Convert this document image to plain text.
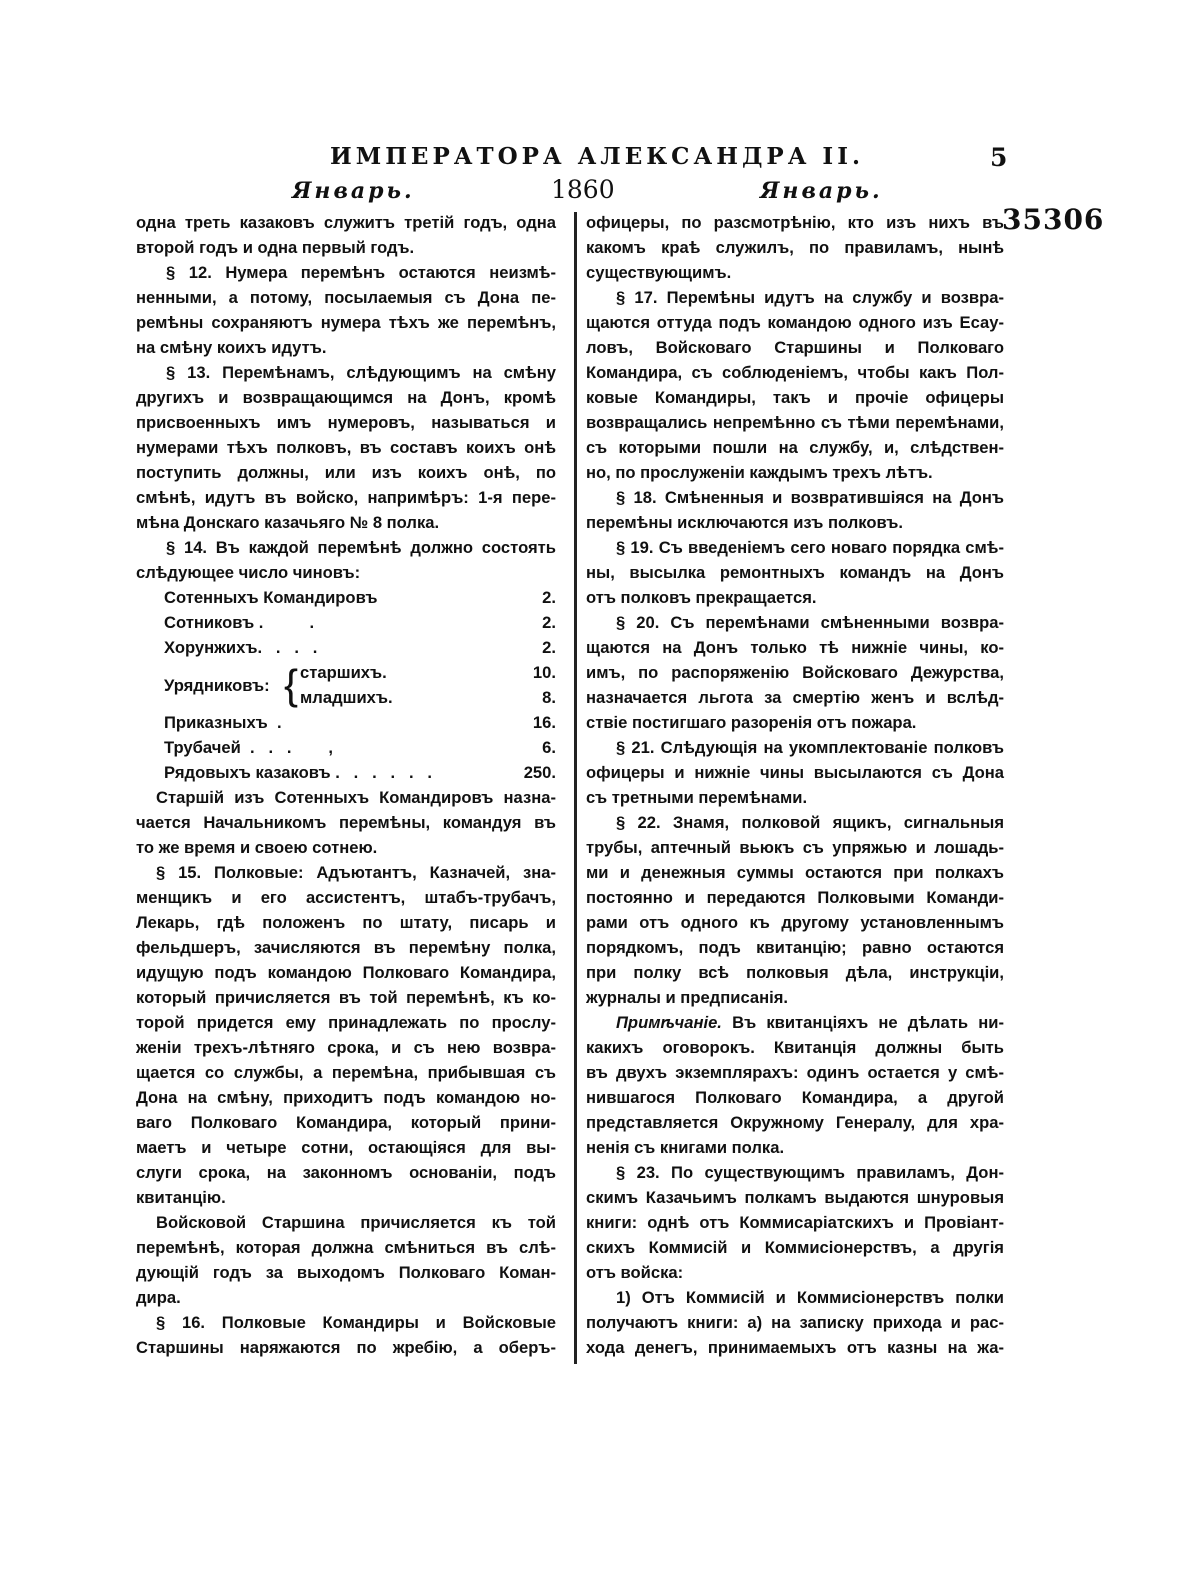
ИМПЕРАТОРА АЛЕКСАНДРА II.	5
Январь.	1860	Январь.
35306
одна треть казаковъ служитъ третій годъ, одна
второй годъ и одна первый годъ.
§ 12. Нумера перемѣнъ остаются неизмѣ-
ненными, а потому, посылаемыя съ Дона пе-
ремѣны сохраняютъ нумера тѣхъ же перемѣнъ,
на смѣну коихъ идутъ.
§ 13. Перемѣнамъ, слѣдующимъ на смѣну
другихъ и возвращающимся на Донъ, кромѣ
присвоенныхъ имъ нумеровъ, называться и
нумерами тѣхъ полковъ, въ составъ коихъ онѣ
поступить должны, или изъ коихъ онѣ, по
смѣнѣ, идутъ въ войско, напримѣръ: 1-я пере-
мѣна Донскаго казачьяго № 8 полка.
§ 14. Въ каждой перемѣнѣ должно состоять
слѣдующее число чиновъ:
Сотенныхъ Командировъ	2.
Сотниковъ .          .	2.
Хорунжихъ.   .   .   .	2.
Урядниковъ: { старшихъ.	10.
младшихъ.	8.
Приказныхъ  .	16.
Трубачей  .   .   .        ,	6.
Рядовыхъ казаковъ .   .   .   .   .   .	250.
Старшій изъ Сотенныхъ Командировъ назна-
чается Начальникомъ перемѣны, командуя въ
то же время и своею сотнею.
§ 15. Полковые: Адъютантъ, Казначей, зна-
менщикъ и его ассистентъ, штабъ-трубачъ,
Лекарь, гдѣ положенъ по штату, писарь и
фельдшеръ, зачисляются въ перемѣну полка,
идущую подъ командою Полковаго Командира,
который причисляется въ той перемѣнѣ, къ ко-
торой придется ему принадлежать по прослу-
женіи трехъ-лѣтняго срока, и съ нею возвра-
щается со службы, а перемѣна, прибывшая съ
Дона на смѣну, приходитъ подъ командою но-
ваго Полковаго Командира, который прини-
маетъ и четыре сотни, остающіяся для вы-
слуги срока, на законномъ основаніи, подъ
квитанцію.
Войсковой Старшина причисляется къ той
перемѣнѣ, которая должна смѣниться въ слѣ-
дующій годъ за выходомъ Полковаго Коман-
дира.
§ 16. Полковые Командиры и Войсковые
Старшины наряжаются по жребію, а оберъ-
офицеры, по разсмотрѣнію, кто изъ нихъ въ
какомъ краѣ служилъ, по правиламъ, нынѣ
существующимъ.
§ 17. Перемѣны идутъ на службу и возвра-
щаются оттуда подъ командою одного изъ Есау-
ловъ, Войсковаго Старшины и Полковаго
Командира, съ соблюденіемъ, чтобы какъ Пол-
ковые Командиры, такъ и прочіе офицеры
возвращались непремѣнно съ тѣми перемѣнами,
съ которыми пошли на службу, и, слѣдствен-
но, по прослуженіи каждымъ трехъ лѣтъ.
§ 18. Смѣненныя и возвратившіяся на Донъ
перемѣны исключаются изъ полковъ.
§ 19. Съ введеніемъ сего новаго порядка смѣ-
ны, высылка ремонтныхъ командъ на Донъ
отъ полковъ прекращается.
§ 20. Съ перемѣнами смѣненными возвра-
щаются на Донъ только тѣ нижніе чины, ко-
имъ, по распоряженію Войсковаго Дежурства,
назначается льгота за смертію женъ и вслѣд-
ствіе постигшаго разоренія отъ пожара.
§ 21. Слѣдующія на укомплектованіе полковъ
офицеры и нижніе чины высылаются съ Дона
съ третными перемѣнами.
§ 22. Знамя, полковой ящикъ, сигнальныя
трубы, аптечный вьюкъ съ упряжью и лошадь-
ми и денежныя суммы остаются при полкахъ
постоянно и передаются Полковыми Команди-
рами отъ одного къ другому установленнымъ
порядкомъ, подъ квитанцію; равно остаются
при полку всѣ полковыя дѣла, инструкціи,
журналы и предписанія.
Примѣчаніе. Въ квитанціяхъ не дѣлать ни-
какихъ оговорокъ. Квитанція должны быть
въ двухъ экземплярахъ: одинъ остается у смѣ-
нившагося Полковаго Командира, а другой
представляется Окружному Генералу, для хра-
ненія съ книгами полка.
§ 23. По существующимъ правиламъ, Дон-
скимъ Казачьимъ полкамъ выдаются шнуровыя
книги: однѣ отъ Коммисаріатскихъ и Провіант-
скихъ Коммисій и Коммисіонерствъ, а другія
отъ войска:
1) Отъ Коммисій и Коммисіонерствъ полки
получаютъ книги: а) на записку прихода и рас-
хода денегъ, принимаемыхъ отъ казны на жа-
